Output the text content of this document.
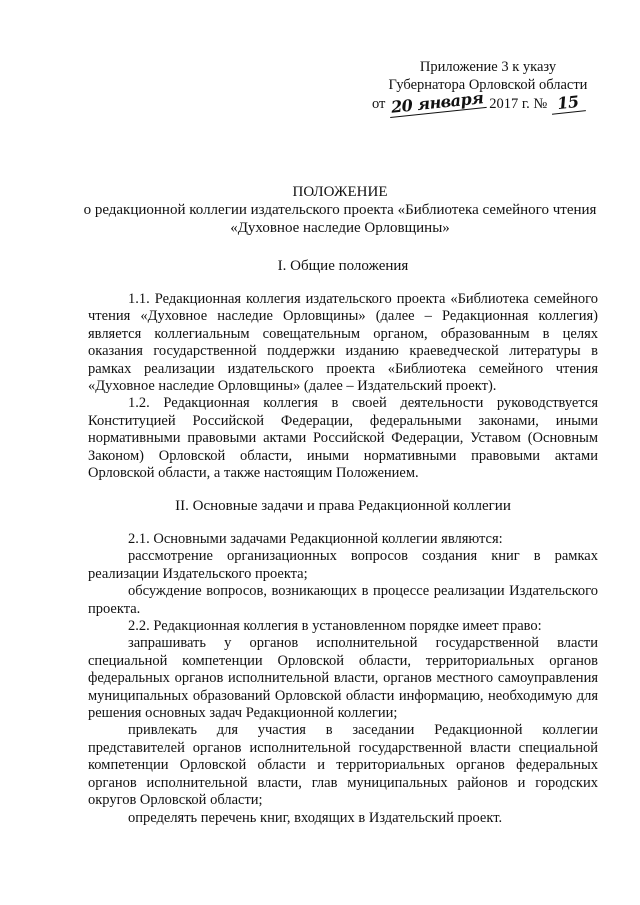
Приложение 3 к указу
Губернатора Орловской области
от 20 января 2017 г. № 15
ПОЛОЖЕНИЕ
о редакционной коллегии издательского проекта «Библиотека семейного чтения
«Духовное наследие Орловщины»
I. Общие положения

1.1. Редакционная коллегия издательского проекта «Библиотека семейного чтения «Духовное наследие Орловщины» (далее – Редакционная коллегия) является коллегиальным совещательным органом, образованным в целях оказания государственной поддержки изданию краеведческой литературы в рамках реализации издательского проекта «Библиотека семейного чтения «Духовное наследие Орловщины» (далее – Издательский проект).

1.2. Редакционная коллегия в своей деятельности руководствуется Конституцией Российской Федерации, федеральными законами, иными нормативными правовыми актами Российской Федерации, Уставом (Основным Законом) Орловской области, иными нормативными правовыми актами Орловской области, а также настоящим Положением.

II. Основные задачи и права Редакционной коллегии

2.1. Основными задачами Редакционной коллегии являются:

рассмотрение организационных вопросов создания книг в рамках реализации Издательского проекта;

обсуждение вопросов, возникающих в процессе реализации Издательского проекта.

2.2. Редакционная коллегия в установленном порядке имеет право:

запрашивать у органов исполнительной государственной власти специальной компетенции Орловской области, территориальных органов федеральных органов исполнительной власти, органов местного самоуправления муниципальных образований Орловской области информацию, необходимую для решения основных задач Редакционной коллегии;

привлекать для участия в заседании Редакционной коллегии представителей органов исполнительной государственной власти специальной компетенции Орловской области и территориальных органов федеральных органов исполнительной власти, глав муниципальных районов и городских округов Орловской области;

определять перечень книг, входящих в Издательский проект.
